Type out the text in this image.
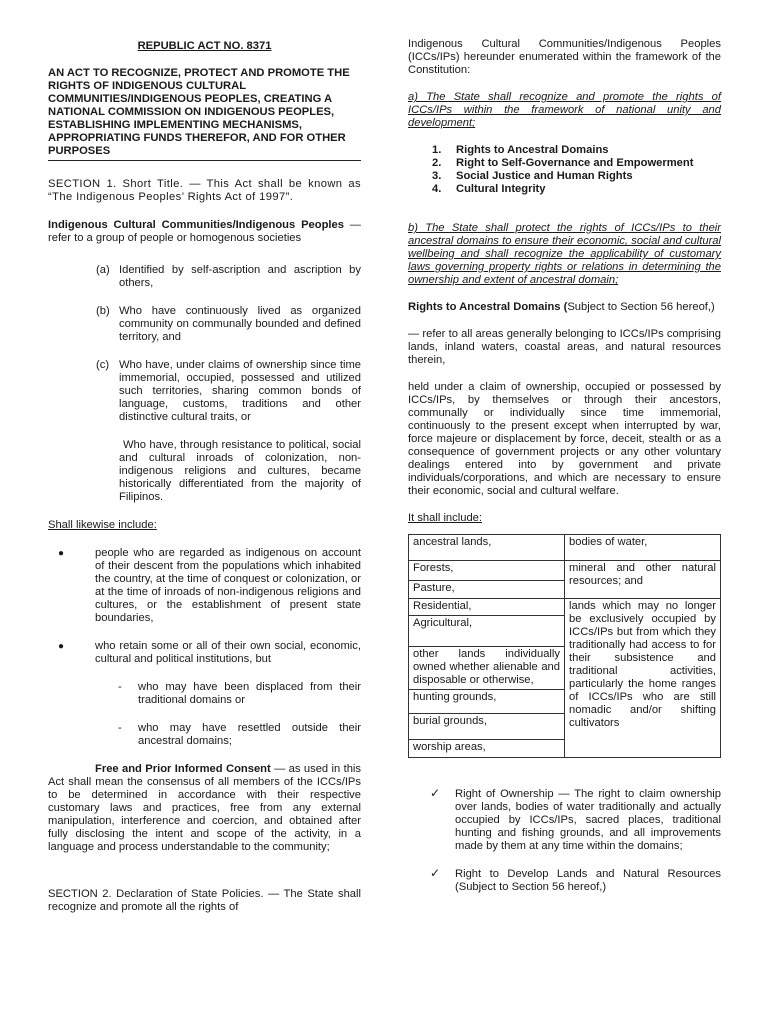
REPUBLIC ACT NO. 8371

AN ACT TO RECOGNIZE, PROTECT AND PROMOTE THE RIGHTS OF INDIGENOUS CULTURAL COMMUNITIES/INDIGENOUS PEOPLES, CREATING A NATIONAL COMMISSION ON INDIGENOUS PEOPLES, ESTABLISHING IMPLEMENTING MECHANISMS, APPROPRIATING FUNDS THEREFOR, AND FOR OTHER PURPOSES

SECTION 1. Short Title. — This Act shall be known as “The Indigenous Peoples’ Rights Act of 1997”.

Indigenous Cultural Communities/Indigenous Peoples — refer to a group of people or homogenous societies

(a) Identified by self-ascription and ascription by others,

(b) Who have continuously lived as organized community on communally bounded and defined territory, and

(c) Who have, under claims of ownership since time immemorial, occupied, possessed and utilized such territories, sharing common bonds of language, customs, traditions and other distinctive cultural traits, or

Who have, through resistance to political, social and cultural inroads of colonization, non-indigenous religions and cultures, became historically differentiated from the majority of Filipinos.

Shall likewise include:

●	people who are regarded as indigenous on account of their descent from the populations which inhabited the country, at the time of conquest or colonization, or at the time of inroads of non-indigenous religions and cultures, or the establishment of present state boundaries,

●	who retain some or all of their own social, economic, cultural and political institutions, but

- who may have been displaced from their traditional domains or

- who may have resettled outside their ancestral domains;

Free and Prior Informed Consent — as used in this Act shall mean the consensus of all members of the ICCs/IPs to be determined in accordance with their respective customary laws and practices, free from any external manipulation, interference and coercion, and obtained after fully disclosing the intent and scope of the activity, in a language and process understandable to the community;

SECTION 2. Declaration of State Policies. — The State shall recognize and promote all the rights of

Indigenous Cultural Communities/Indigenous Peoples (ICCs/IPs) hereunder enumerated within the framework of the Constitution:

a) The State shall recognize and promote the rights of ICCs/IPs within the framework of national unity and development;

1. Rights to Ancestral Domains

2. Right to Self-Governance and Empowerment

3. Social Justice and Human Rights

4. Cultural Integrity

b) The State shall protect the rights of ICCs/IPs to their ancestral domains to ensure their economic, social and cultural wellbeing and shall recognize the applicability of customary laws governing property rights or relations in determining the ownership and extent of ancestral domain;

Rights to Ancestral Domains (Subject to Section 56 hereof,)

— refer to all areas generally belonging to ICCs/IPs comprising lands, inland waters, coastal areas, and natural resources therein,

held under a claim of ownership, occupied or possessed by ICCs/IPs, by themselves or through their ancestors, communally or individually since time immemorial, continuously to the present except when interrupted by war, force majeure or displacement by force, deceit, stealth or as a consequence of government projects or any other voluntary dealings entered into by government and private individuals/corporations, and which are necessary to ensure their economic, social and cultural welfare.

It shall include:

ancestral lands,	bodies of water,
Forests,	mineral and other natural resources; and
Pasture,	
Residential,	lands which may no longer be exclusively occupied by ICCs/IPs but from which they traditionally had access to for their subsistence and traditional activities, particularly the home ranges of ICCs/IPs who are still nomadic and/or shifting cultivators
Agricultural,	
other lands individually owned whether alienable and disposable or otherwise,	
hunting grounds,	
burial grounds,	
worship areas,	
✓ Right of Ownership — The right to claim ownership over lands, bodies of water traditionally and actually occupied by ICCs/IPs, sacred places, traditional hunting and fishing grounds, and all improvements made by them at any time within the domains;

✓ Right to Develop Lands and Natural Resources (Subject to Section 56 hereof,)
